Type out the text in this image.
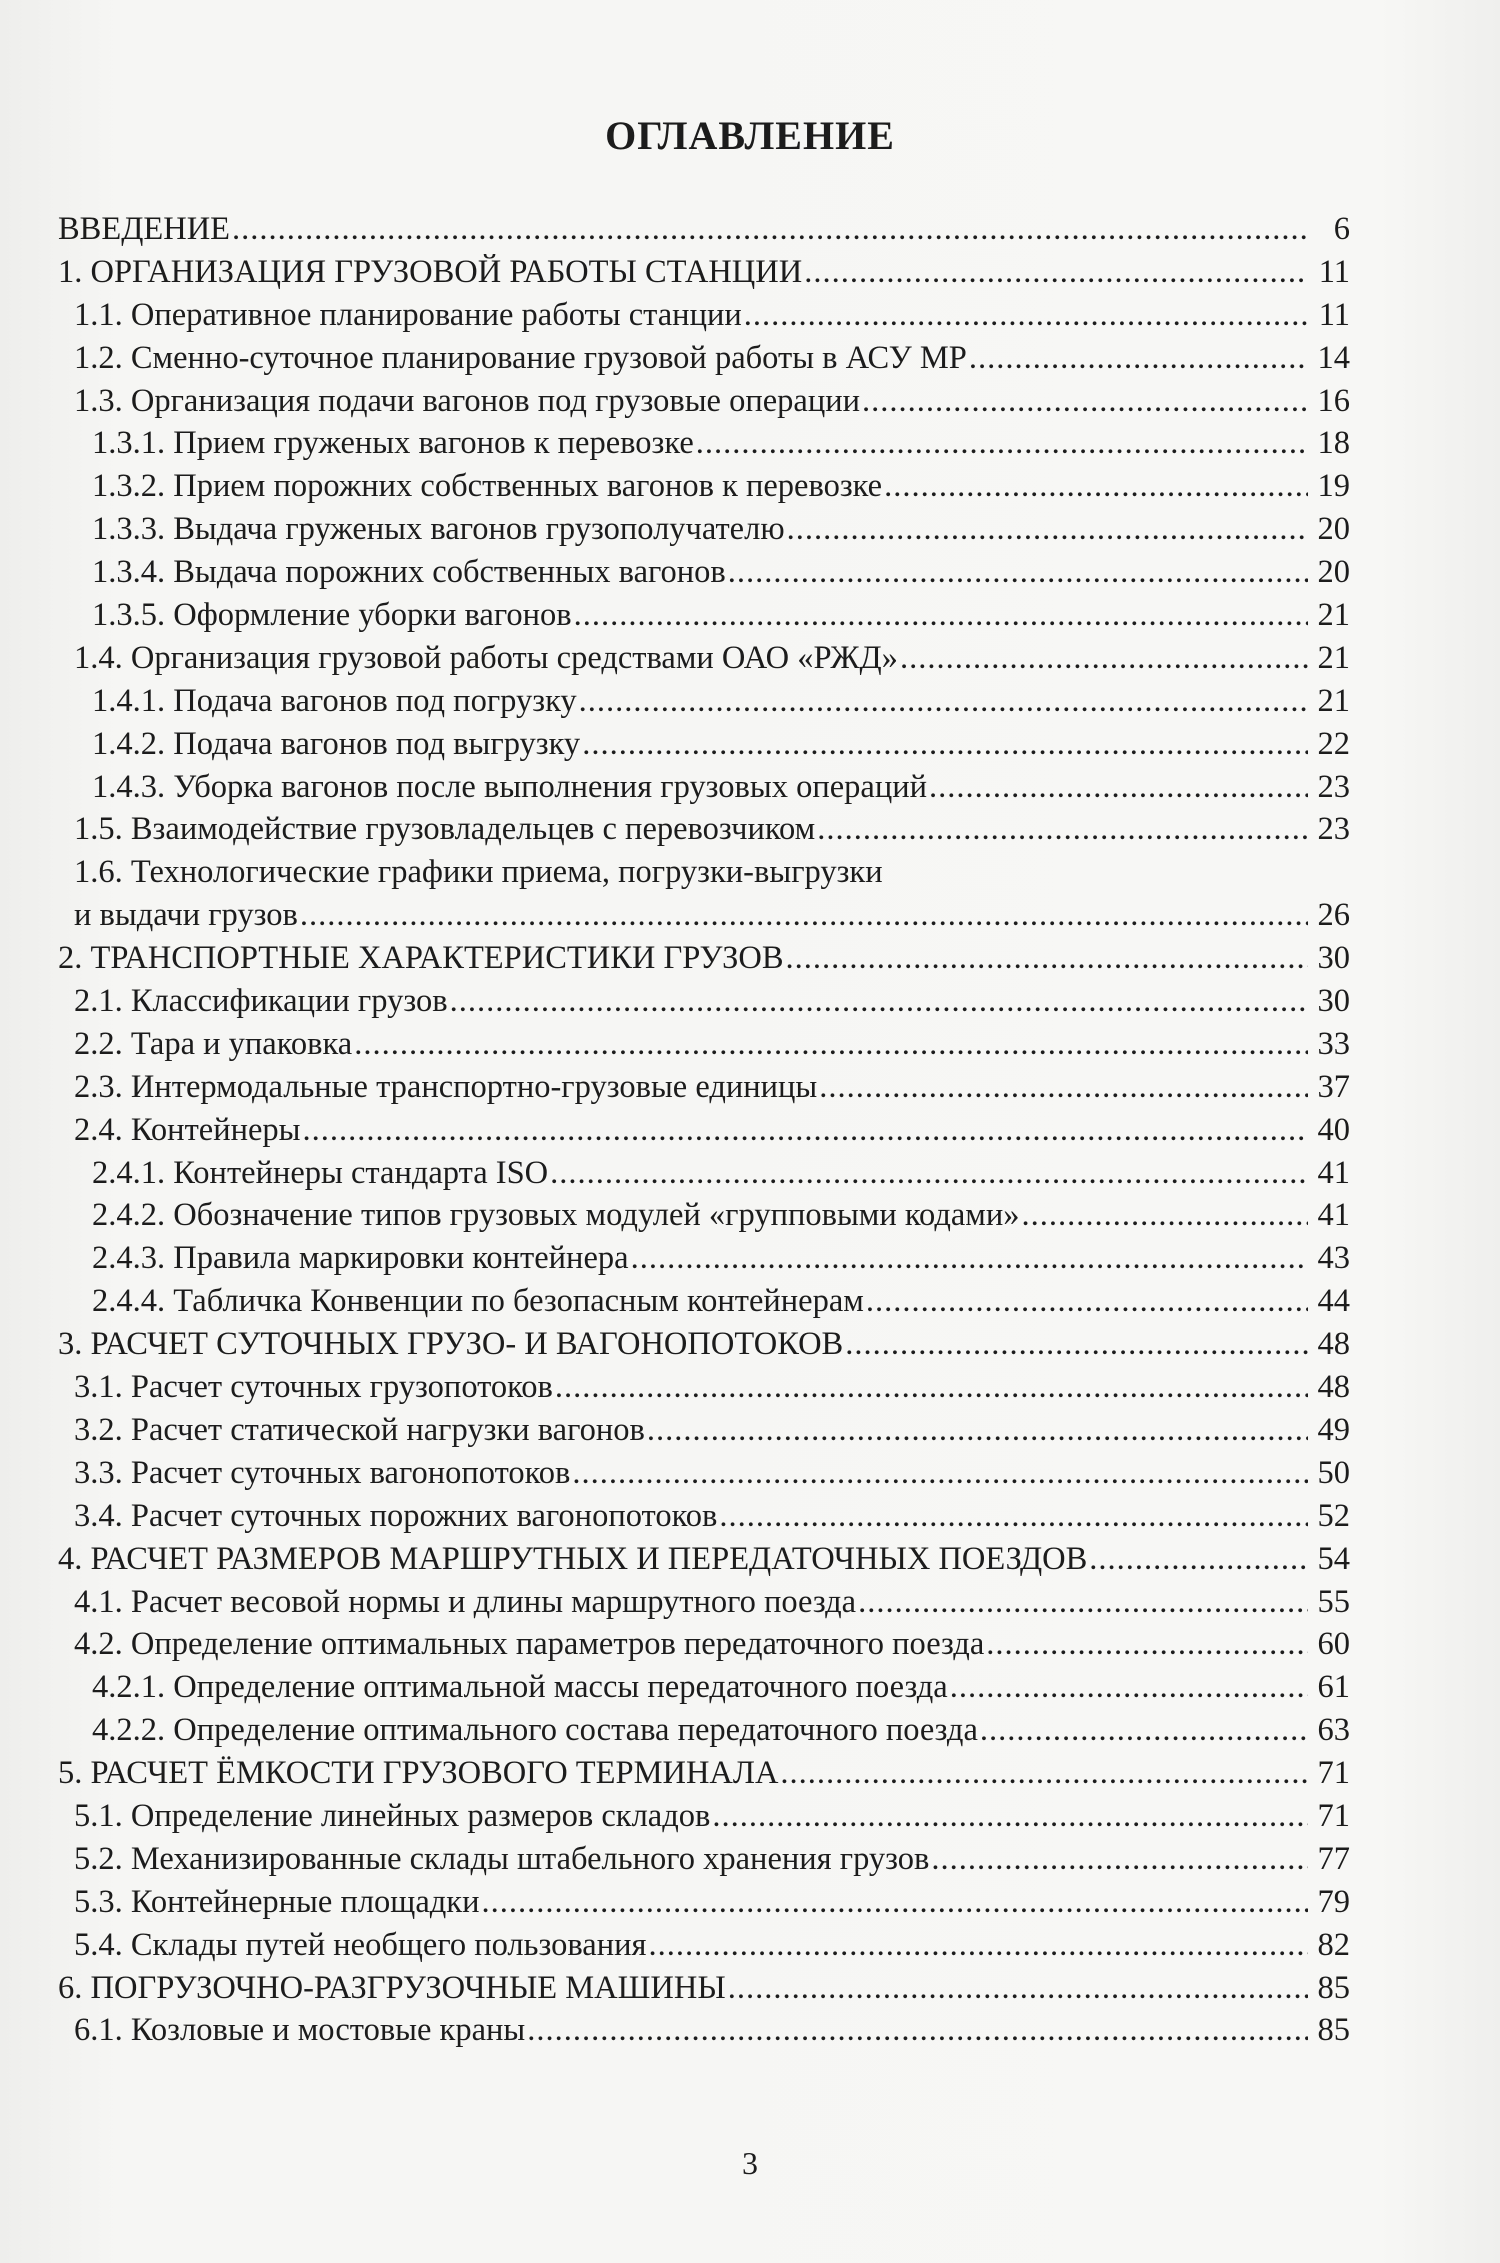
ОГЛАВЛЕНИЕ
ВВЕДЕНИЕ .....	6
1. ОРГАНИЗАЦИЯ ГРУЗОВОЙ РАБОТЫ СТАНЦИИ .....	11
1.1. Оперативное планирование работы станции .....	11
1.2. Сменно-суточное планирование грузовой работы в АСУ МР .....	14
1.3. Организация подачи вагонов под грузовые операции .....	16
1.3.1. Прием груженых вагонов к перевозке .....	18
1.3.2. Прием порожних собственных вагонов к перевозке .....	19
1.3.3. Выдача груженых вагонов грузополучателю .....	20
1.3.4. Выдача порожних собственных вагонов .....	20
1.3.5. Оформление уборки вагонов .....	21
1.4. Организация грузовой работы средствами ОАО «РЖД» .....	21
1.4.1. Подача вагонов под погрузку .....	21
1.4.2. Подача вагонов под выгрузку .....	22
1.4.3. Уборка вагонов после выполнения грузовых операций .....	23
1.5. Взаимодействие грузовладельцев с перевозчиком .....	23
1.6. Технологические графики приема, погрузки-выгрузки
и выдачи грузов .....	26
2. ТРАНСПОРТНЫЕ ХАРАКТЕРИСТИКИ ГРУЗОВ .....	30
2.1. Классификации грузов .....	30
2.2. Тара и упаковка .....	33
2.3. Интермодальные транспортно-грузовые единицы .....	37
2.4. Контейнеры .....	40
2.4.1. Контейнеры стандарта ISO .....	41
2.4.2. Обозначение типов грузовых модулей «групповыми кодами» .....	41
2.4.3. Правила маркировки контейнера .....	43
2.4.4. Табличка Конвенции по безопасным контейнерам .....	44
3. РАСЧЕТ СУТОЧНЫХ ГРУЗО- И ВАГОНОПОТОКОВ .....	48
3.1. Расчет суточных грузопотоков .....	48
3.2. Расчет статической нагрузки вагонов .....	49
3.3. Расчет суточных вагонопотоков .....	50
3.4. Расчет суточных порожних вагонопотоков .....	52
4. РАСЧЕТ РАЗМЕРОВ МАРШРУТНЫХ И ПЕРЕДАТОЧНЫХ ПОЕЗДОВ .....	54
4.1. Расчет весовой нормы и длины маршрутного поезда .....	55
4.2. Определение оптимальных параметров передаточного поезда .....	60
4.2.1. Определение оптимальной массы передаточного поезда .....	61
4.2.2. Определение оптимального состава передаточного поезда .....	63
5. РАСЧЕТ ЁМКОСТИ ГРУЗОВОГО ТЕРМИНАЛА .....	71
5.1. Определение линейных размеров складов .....	71
5.2. Механизированные склады штабельного хранения грузов .....	77
5.3. Контейнерные площадки .....	79
5.4. Склады путей необщего пользования .....	82
6. ПОГРУЗОЧНО-РАЗГРУЗОЧНЫЕ МАШИНЫ .....	85
6.1. Козловые и мостовые краны .....	85
3
